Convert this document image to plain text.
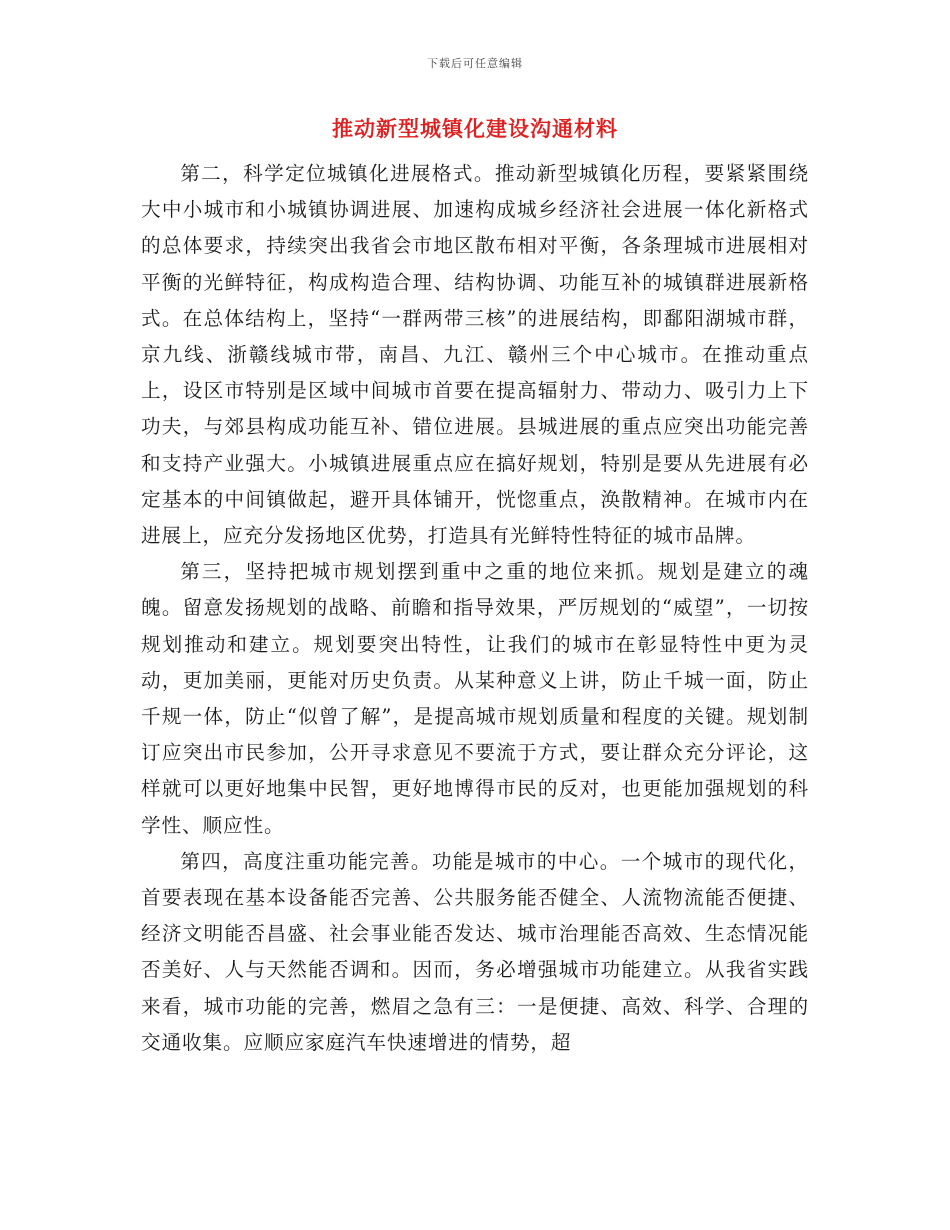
下载后可任意编辑
推动新型城镇化建设沟通材料

第二，科学定位城镇化进展格式。推动新型城镇化历程，要紧紧围绕大中小城市和小城镇协调进展、加速构成城乡经济社会进展一体化新格式的总体要求，持续突出我省会市地区散布相对平衡，各条理城市进展相对平衡的光鲜特征，构成构造合理、结构协调、功能互补的城镇群进展新格式。在总体结构上，坚持“一群两带三核”的进展结构，即鄱阳湖城市群，京九线、浙赣线城市带，南昌、九江、赣州三个中心城市。在推动重点上，设区市特别是区域中间城市首要在提高辐射力、带动力、吸引力上下功夫，与郊县构成功能互补、错位进展。县城进展的重点应突出功能完善和支持产业强大。小城镇进展重点应在搞好规划，特别是要从先进展有必定基本的中间镇做起，避开具体铺开，恍惚重点，涣散精神。在城市内在进展上，应充分发扬地区优势，打造具有光鲜特性特征的城市品牌。

第三，坚持把城市规划摆到重中之重的地位来抓。规划是建立的魂魄。留意发扬规划的战略、前瞻和指导效果，严厉规划的“威望”，一切按规划推动和建立。规划要突出特性，让我们的城市在彰显特性中更为灵动，更加美丽，更能对历史负责。从某种意义上讲，防止千城一面，防止千规一体，防止“似曾了解”，是提高城市规划质量和程度的关键。规划制订应突出市民参加，公开寻求意见不要流于方式，要让群众充分评论，这样就可以更好地集中民智，更好地博得市民的反对，也更能加强规划的科学性、顺应性。

第四，高度注重功能完善。功能是城市的中心。一个城市的现代化，首要表现在基本设备能否完善、公共服务能否健全、人流物流能否便捷、经济文明能否昌盛、社会事业能否发达、城市治理能否高效、生态情况能否美好、人与天然能否调和。因而，务必增强城市功能建立。从我省实践来看，城市功能的完善，燃眉之急有三：一是便捷、高效、科学、合理的交通收集。应顺应家庭汽车快速增进的情势，超
